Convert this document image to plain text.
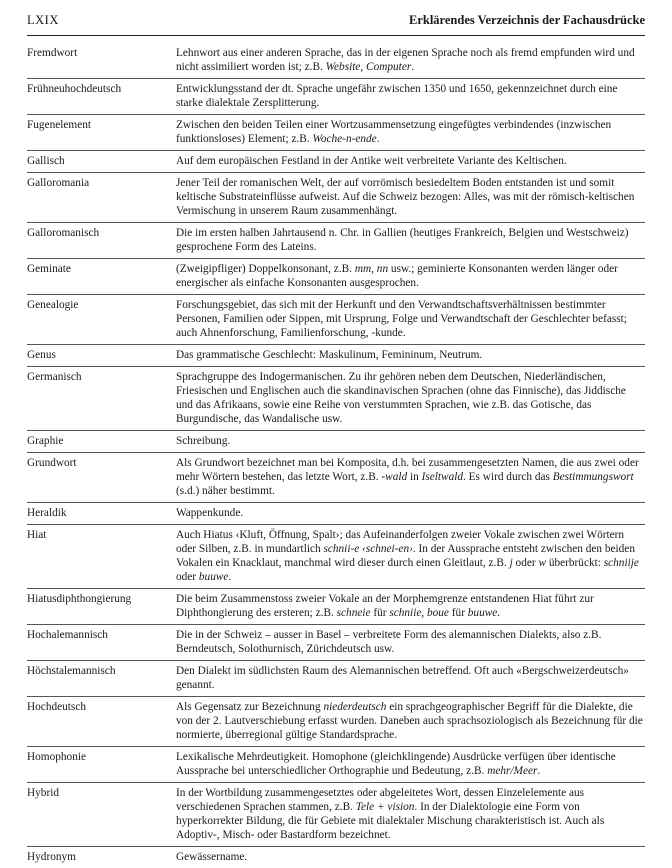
LXIX	Erklärendes Verzeichnis der Fachausdrücke
Fremdwort	Lehnwort aus einer anderen Sprache, das in der eigenen Sprache noch als fremd empfunden wird und nicht assimiliert worden ist; z.B. Website, Computer.
Frühneuhochdeutsch	Entwicklungsstand der dt. Sprache ungefähr zwischen 1350 und 1650, gekennzeichnet durch eine starke dialektale Zersplitterung.
Fugenelement	Zwischen den beiden Teilen einer Wortzusammensetzung eingefügtes verbindendes (inzwischen funktionsloses) Element; z.B. Woche-n-ende.
Gallisch	Auf dem europäischen Festland in der Antike weit verbreitete Variante des Keltischen.
Galloromania	Jener Teil der romanischen Welt, der auf vorrömisch besiedeltem Boden entstanden ist und somit keltische Substrateinflüsse aufweist. Auf die Schweiz bezogen: Alles, was mit der römisch-keltischen Vermischung in unserem Raum zusammenhängt.
Galloromanisch	Die im ersten halben Jahrtausend n. Chr. in Gallien (heutiges Frankreich, Belgien und Westschweiz) gesprochene Form des Lateins.
Geminate	(Zweigipfliger) Doppelkonsonant, z.B. mm, nn usw.; geminierte Konsonanten werden länger oder energischer als einfache Konsonanten ausgesprochen.
Genealogie	Forschungsgebiet, das sich mit der Herkunft und den Verwandtschaftsverhältnissen bestimmter Personen, Familien oder Sippen, mit Ursprung, Folge und Verwandtschaft der Geschlechter befasst; auch Ahnenforschung, Familienforschung, -kunde.
Genus	Das grammatische Geschlecht: Maskulinum, Femininum, Neutrum.
Germanisch	Sprachgruppe des Indogermanischen. Zu ihr gehören neben dem Deutschen, Niederländischen, Friesischen und Englischen auch die skandinavischen Sprachen (ohne das Finnische), das Jiddische und das Afrikaans, sowie eine Reihe von verstummten Sprachen, wie z.B. das Gotische, das Burgundische, das Wandalische usw.
Graphie	Schreibung.
Grundwort	Als Grundwort bezeichnet man bei Komposita, d.h. bei zusammengesetzten Namen, die aus zwei oder mehr Wörtern bestehen, das letzte Wort, z.B. -wald in Iseltwald. Es wird durch das Bestimmungswort (s.d.) näher bestimmt.
Heraldik	Wappenkunde.
Hiat	Auch Hiatus ‹Kluft, Öffnung, Spalt›; das Aufeinanderfolgen zweier Vokale zwischen zwei Wörtern oder Silben, z.B. in mundartlich schnii-e ‹schnei-en›. In der Aussprache entsteht zwischen den beiden Vokalen ein Knacklaut, manchmal wird dieser durch einen Gleitlaut, z.B. j oder w überbrückt: schniije oder buuwe.
Hiatusdiphthongierung	Die beim Zusammenstoss zweier Vokale an der Morphemgrenze entstandenen Hiat führt zur Diphthongierung des ersteren; z.B. schneie für schniie, boue für buuwe.
Hochalemannisch	Die in der Schweiz – ausser in Basel – verbreitete Form des alemannischen Dialekts, also z.B. Berndeutsch, Solothurnisch, Zürichdeutsch usw.
Höchstalemannisch	Den Dialekt im südlichsten Raum des Alemannischen betreffend. Oft auch «Bergschweizerdeutsch» genannt.
Hochdeutsch	Als Gegensatz zur Bezeichnung niederdeutsch ein sprachgeographischer Begriff für die Dialekte, die von der 2. Lautverschiebung erfasst wurden. Daneben auch sprachsoziologisch als Bezeichnung für die normierte, überregional gültige Standardsprache.
Homophonie	Lexikalische Mehrdeutigkeit. Homophone (gleichklingende) Ausdrücke verfügen über identische Aussprache bei unterschiedlicher Orthographie und Bedeutung, z.B. mehr/Meer.
Hybrid	In der Wortbildung zusammengesetztes oder abgeleitetes Wort, dessen Einzelelemente aus verschiedenen Sprachen stammen, z.B. Tele + vision. In der Dialektologie eine Form von hyperkorrekter Bildung, die für Gebiete mit dialektaler Mischung charakteristisch ist. Auch als Adoptiv-, Misch- oder Bastardform bezeichnet.
Hydronym	Gewässername.
